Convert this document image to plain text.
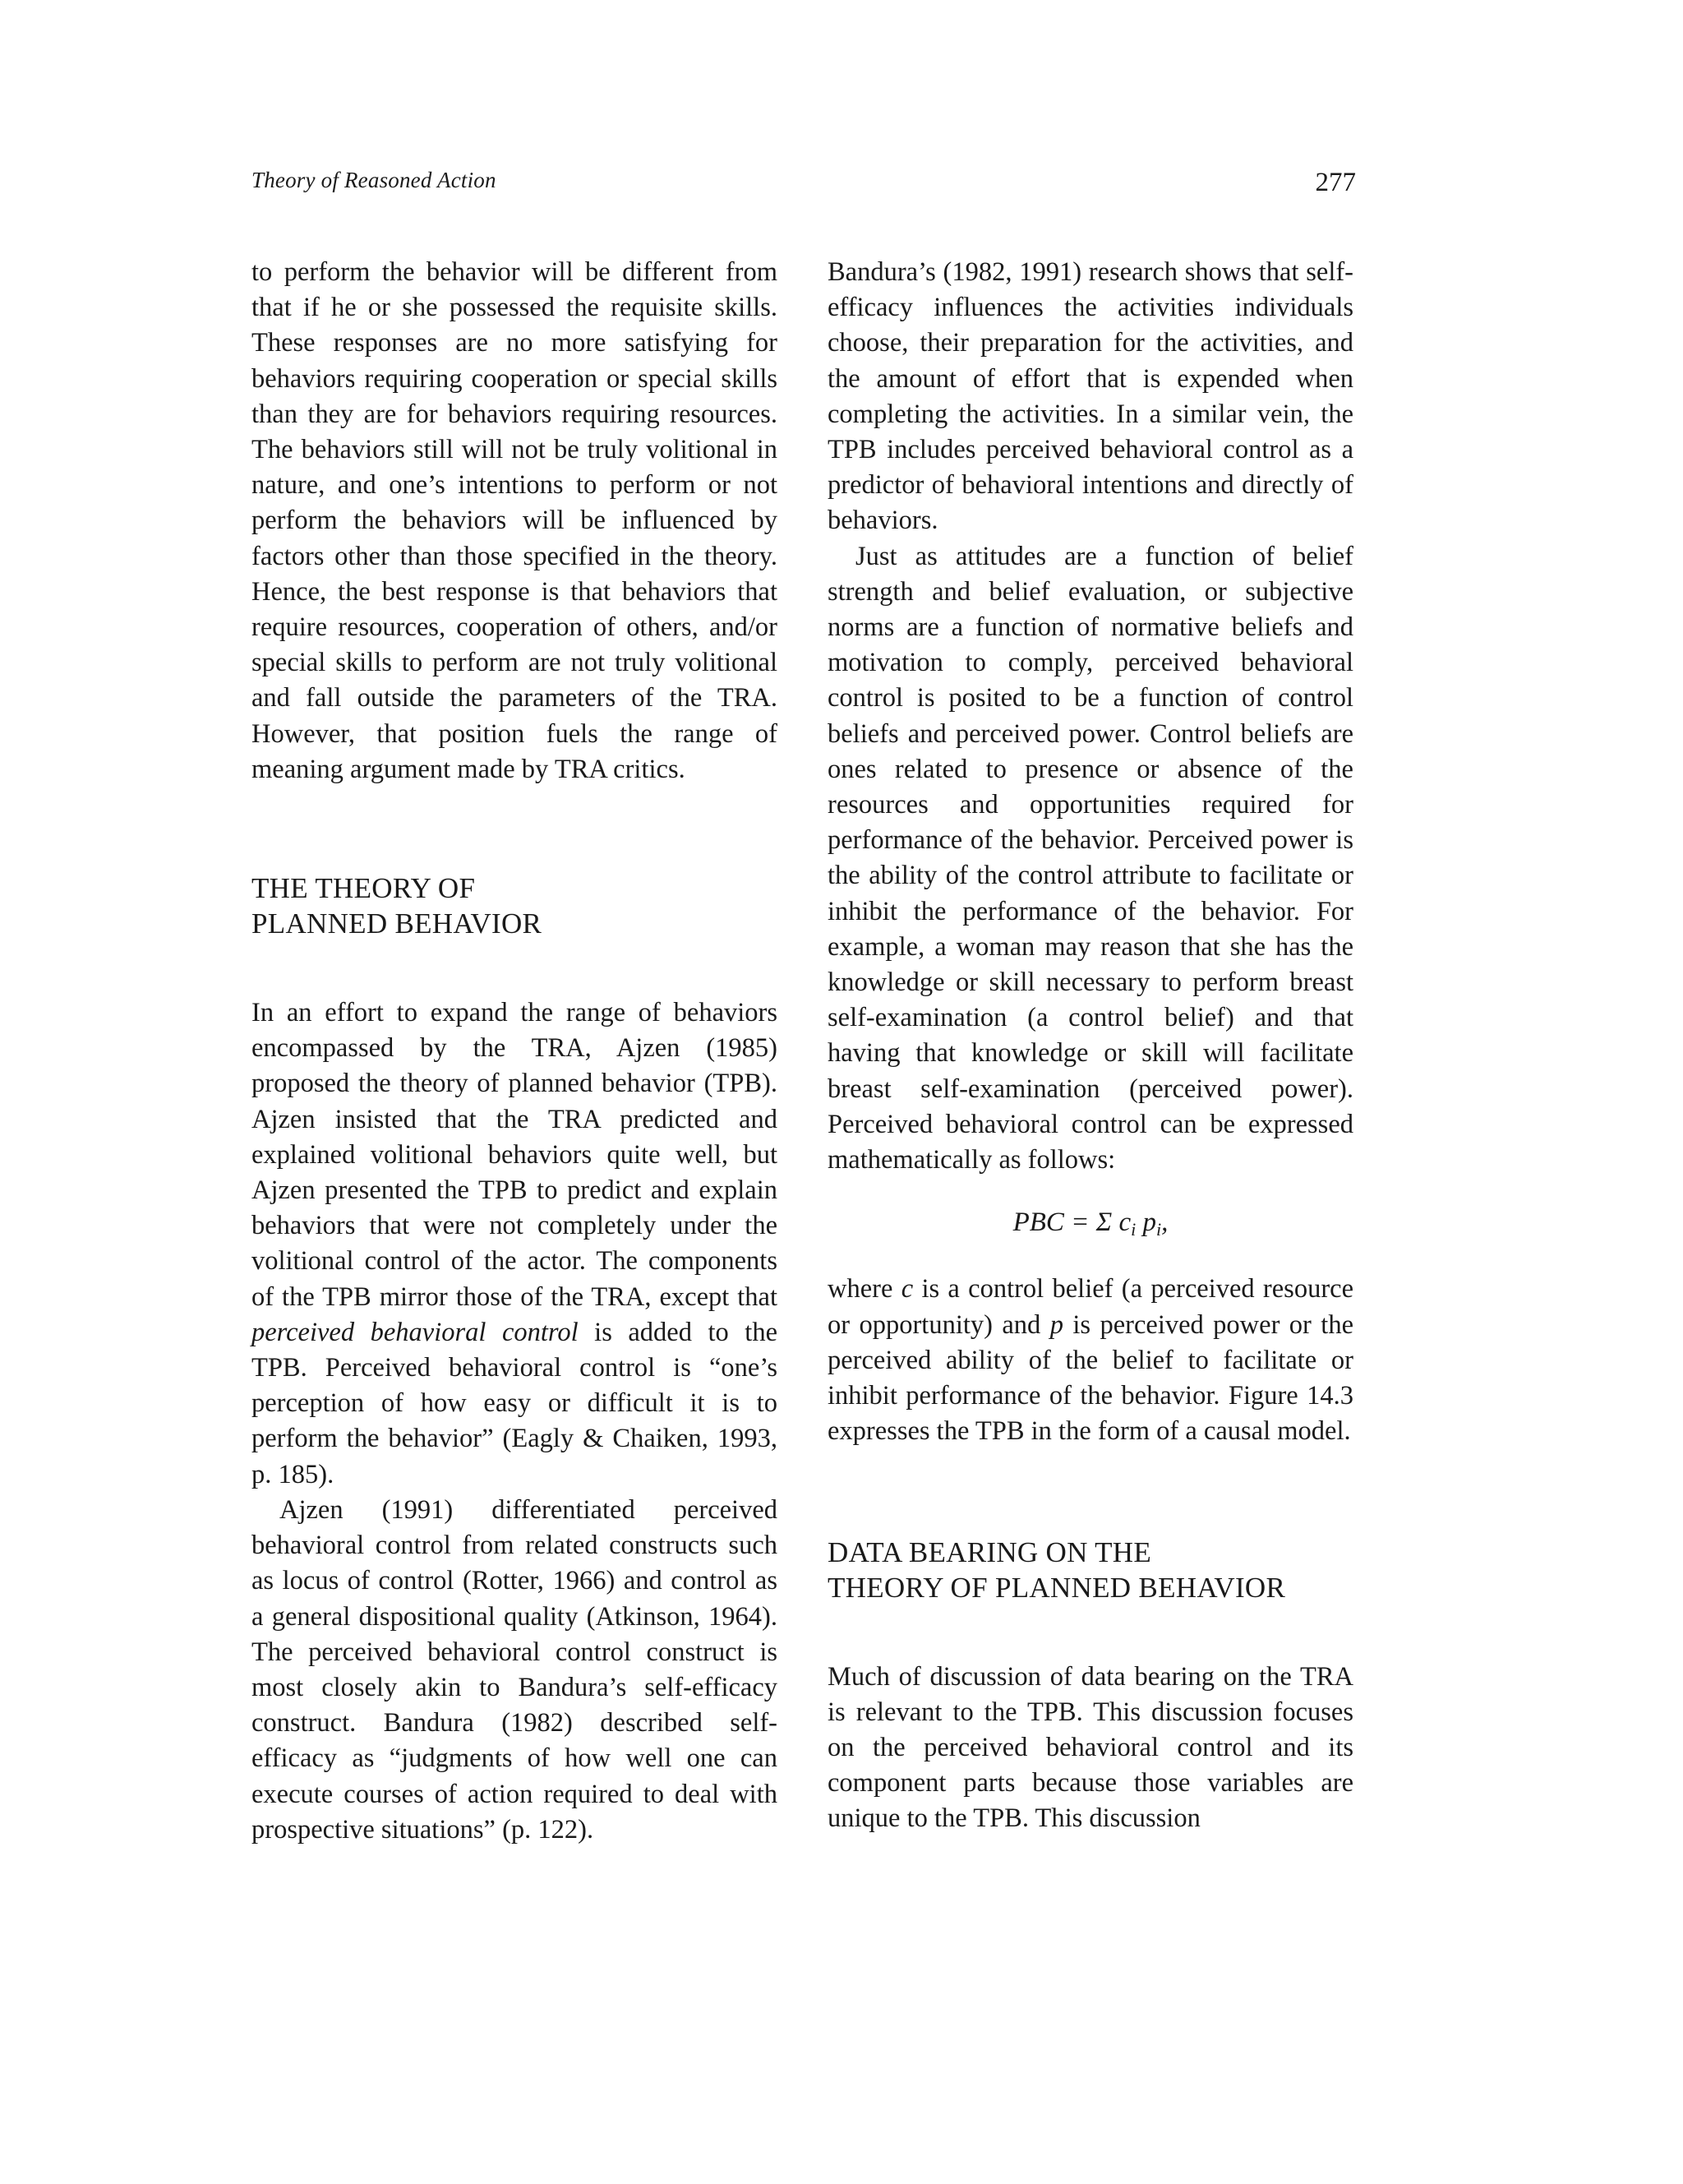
Theory of Reasoned Action	277

to perform the behavior will be different from that if he or she possessed the requisite skills. These responses are no more satisfying for behaviors requiring cooperation or special skills than they are for behaviors requiring resources. The behaviors still will not be truly volitional in nature, and one’s intentions to perform or not perform the behaviors will be influenced by factors other than those specified in the theory. Hence, the best response is that behaviors that require resources, cooperation of others, and/or special skills to perform are not truly volitional and fall outside the parameters of the TRA. However, that position fuels the range of meaning argument made by TRA critics.

THE THEORY OF
PLANNED BEHAVIOR

In an effort to expand the range of behaviors encompassed by the TRA, Ajzen (1985) proposed the theory of planned behavior (TPB). Ajzen insisted that the TRA predicted and explained volitional behaviors quite well, but Ajzen presented the TPB to predict and explain behaviors that were not completely under the volitional control of the actor. The components of the TPB mirror those of the TRA, except that perceived behavioral control is added to the TPB. Perceived behavioral control is “one’s perception of how easy or difficult it is to perform the behavior” (Eagly & Chaiken, 1993, p. 185).

Ajzen (1991) differentiated perceived behavioral control from related constructs such as locus of control (Rotter, 1966) and control as a general dispositional quality (Atkinson, 1964). The perceived behavioral control construct is most closely akin to Bandura’s self-efficacy construct. Bandura (1982) described self-efficacy as “judgments of how well one can execute courses of action required to deal with prospective situations” (p. 122).

Bandura’s (1982, 1991) research shows that self-efficacy influences the activities individuals choose, their preparation for the activities, and the amount of effort that is expended when completing the activities. In a similar vein, the TPB includes perceived behavioral control as a predictor of behavioral intentions and directly of behaviors.

Just as attitudes are a function of belief strength and belief evaluation, or subjective norms are a function of normative beliefs and motivation to comply, perceived behavioral control is posited to be a function of control beliefs and perceived power. Control beliefs are ones related to presence or absence of the resources and opportunities required for performance of the behavior. Perceived power is the ability of the control attribute to facilitate or inhibit the performance of the behavior. For example, a woman may reason that she has the knowledge or skill necessary to perform breast self-examination (a control belief) and that having that knowledge or skill will facilitate breast self-examination (perceived power). Perceived behavioral control can be expressed mathematically as follows:

PBC = Σ $c_i$ $p_i$,

where c is a control belief (a perceived resource or opportunity) and p is perceived power or the perceived ability of the belief to facilitate or inhibit performance of the behavior. Figure 14.3 expresses the TPB in the form of a causal model.

DATA BEARING ON THE
THEORY OF PLANNED BEHAVIOR

Much of discussion of data bearing on the TRA is relevant to the TPB. This discussion focuses on the perceived behavioral control and its component parts because those variables are unique to the TPB. This discussion
